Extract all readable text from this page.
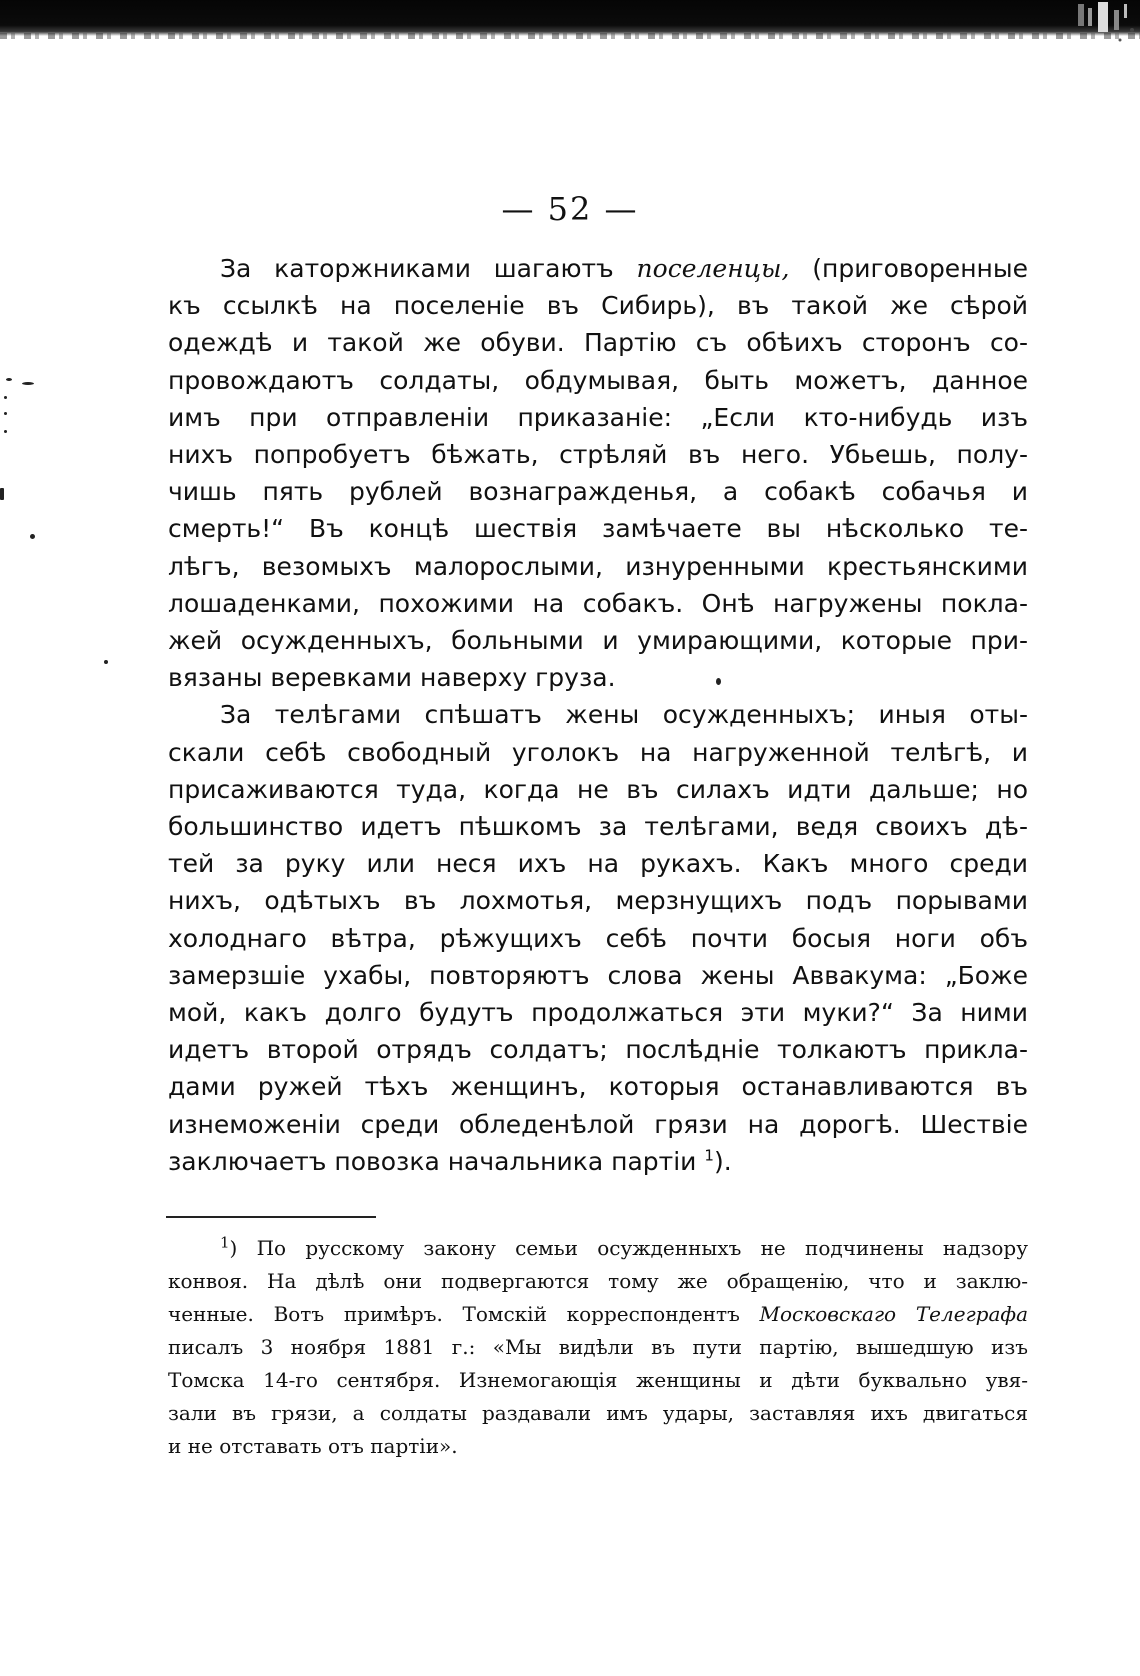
— 52 —

За каторжниками шагаютъ поселенцы, (приговоренные
къ ссылкѣ на поселеніе въ Сибирь), въ такой же сѣрой
одеждѣ и такой же обуви. Партію съ обѣихъ сторонъ со-
провождаютъ солдаты, обдумывая, быть можетъ, данное
имъ при отправленіи приказаніе: „Если кто-нибудь изъ
нихъ попробуетъ бѣжать, стрѣляй въ него. Убьешь, полу-
чишь пять рублей вознагражденья, а собакѣ собачья и
смерть!“ Въ концѣ шествія замѣчаете вы нѣсколько те-
лѣгъ, везомыхъ малорослыми, изнуренными крестьянскими
лошаденками, похожими на собакъ. Онѣ нагружены покла-
жей осужденныхъ, больными и умирающими, которые при-
вязаны веревками наверху груза.

За телѣгами спѣшатъ жены осужденныхъ; иныя оты-
скали себѣ свободный уголокъ на нагруженной телѣгѣ, и
присаживаются туда, когда не въ силахъ идти дальше; но
большинство идетъ пѣшкомъ за телѣгами, ведя своихъ дѣ-
тей за руку или неся ихъ на рукахъ. Какъ много среди
нихъ, одѣтыхъ въ лохмотья, мерзнущихъ подъ порывами
холоднаго вѣтра, рѣжущихъ себѣ почти босыя ноги объ
замерзшіе ухабы, повторяютъ слова жены Аввакума: „Боже
мой, какъ долго будутъ продолжаться эти муки?“ За ними
идетъ второй отрядъ солдатъ; послѣдніе толкаютъ прикла-
дами ружей тѣхъ женщинъ, которыя останавливаются въ
изнеможеніи среди обледенѣлой грязи на дорогѣ. Шествіе
заключаетъ повозка начальника партіи $^1$).

$^1$) По русскому закону семьи осужденныхъ не подчинены надзору
конвоя. На дѣлѣ они подвергаются тому же обращенію, что и заклю-
ченные. Вотъ примѣръ. Томскій корреспондентъ Московскаго Телеграфа
писалъ 3 ноября 1881 г.: «Мы видѣли въ пути партію, вышедшую изъ
Томска 14-го сентября. Изнемогающія женщины и дѣти буквально увя-
зали въ грязи, а солдаты раздавали имъ удары, заставляя ихъ двигаться
и не отставать отъ партіи».
